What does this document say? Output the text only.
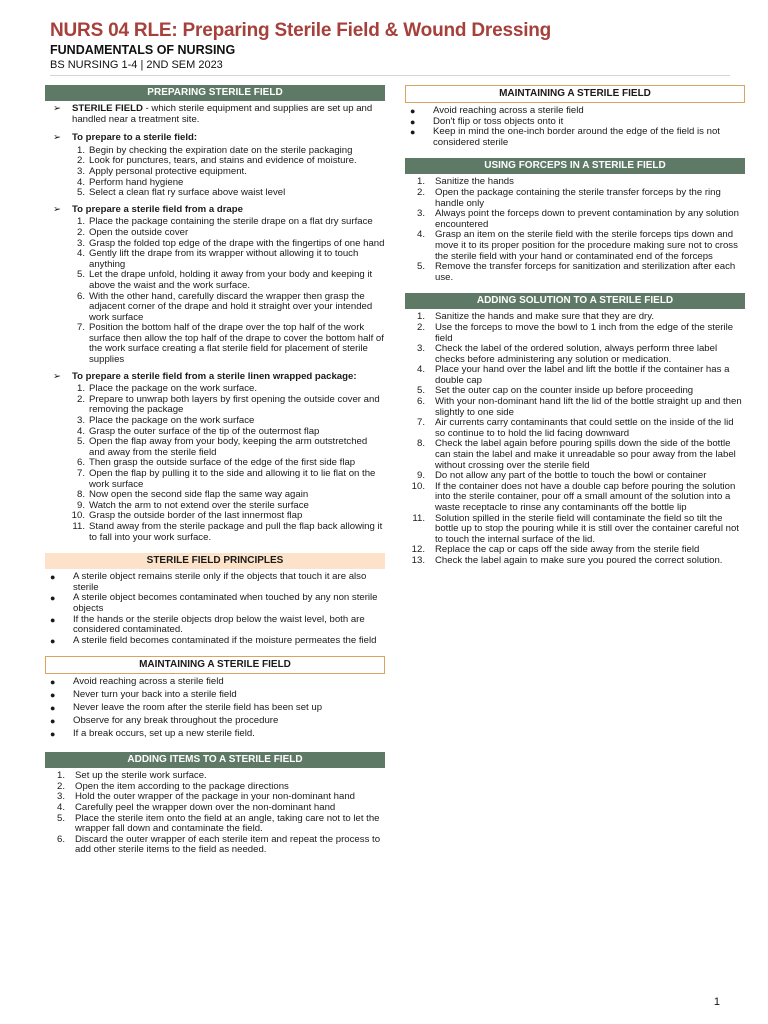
NURS 04 RLE: Preparing Sterile Field & Wound Dressing
FUNDAMENTALS OF NURSING
BS NURSING 1-4 | 2ND SEM 2023
PREPARING STERILE FIELD
➢ STERILE FIELD - which sterile equipment and supplies are set up and handled near a treatment site.
➢ To prepare to a sterile field:
1. Begin by checking the expiration date on the sterile packaging
2. Look for punctures, tears, and stains and evidence of moisture.
3. Apply personal protective equipment.
4. Perform hand hygiene
5. Select a clean flat ry surface above waist level
➢ To prepare a sterile field from a drape
1. Place the package containing the sterile drape on a flat dry surface
2. Open the outside cover
3. Grasp the folded top edge of the drape with the fingertips of one hand
4. Gently lift the drape from its wrapper without allowing it to touch anything
5. Let the drape unfold, holding it away from your body and keeping it above the waist and the work surface.
6. With the other hand, carefully discard the wrapper then grasp the adjacent corner of the drape and hold it straight over your intended work surface
7. Position the bottom half of the drape over the top half of the work surface then allow the top half of the drape to cover the bottom half of the work surface creating a flat sterile field for placement of sterile supplies
➢ To prepare a sterile field from a sterile linen wrapped package:
1. Place the package on the work surface.
2. Prepare to unwrap both layers by first opening the outside cover and removing the package
3. Place the package on the work surface
4. Grasp the outer surface of the tip of the outermost flap
5. Open the flap away from your body, keeping the arm outstretched and away from the sterile field
6. Then grasp the outside surface of the edge of the first side flap
7. Open the flap by pulling it to the side and allowing it to lie flat on the work surface
8. Now open the second side flap the same way again
9. Watch the arm to not extend over the sterile surface
10. Grasp the outside border of the last innermost flap
11. Stand away from the sterile package and pull the flap back allowing it to fall into your work surface.
STERILE FIELD PRINCIPLES
● A sterile object remains sterile only if the objects that touch it are also sterile
● A sterile object becomes contaminated when touched by any non sterile objects
● If the hands or the sterile objects drop below the waist level, both are considered contaminated.
● A sterile field becomes contaminated if the moisture permeates the field
MAINTAINING A STERILE FIELD
● Avoid reaching across a sterile field
● Never turn your back into a sterile field
● Never leave the room after the sterile field has been set up
● Observe for any break throughout the procedure
● If a break occurs, set up a new sterile field.
ADDING ITEMS TO A STERILE FIELD
1. Set up the sterile work surface.
2. Open the item according to the package directions
3. Hold the outer wrapper of the package in your non-dominant hand
4. Carefully peel the wrapper down over the non-dominant hand
5. Place the sterile item onto the field at an angle, taking care not to let the wrapper fall down and contaminate the field.
6. Discard the outer wrapper of each sterile item and repeat the process to add other sterile items to the field as needed.
MAINTAINING A STERILE FIELD
● Avoid reaching across a sterile field
● Don't flip or toss objects onto it
● Keep in mind the one-inch border around the edge of the field is not considered sterile
USING FORCEPS IN A STERILE FIELD
1. Sanitize the hands
2. Open the package containing the sterile transfer forceps by the ring handle only
3. Always point the forceps down to prevent contamination by any solution encountered
4. Grasp an item on the sterile field with the sterile forceps tips down and move it to its proper position for the procedure making sure not to cross the sterile field with your hand or contaminated end of the forceps
5. Remove the transfer forceps for sanitization and sterilization after each use.
ADDING SOLUTION TO A STERILE FIELD
1. Sanitize the hands and make sure that they are dry.
2. Use the forceps to move the bowl to 1 inch from the edge of the sterile field
3. Check the label of the ordered solution, always perform three label checks before administering any solution or medication.
4. Place your hand over the label and lift the bottle if the container has a double cap
5. Set the outer cap on the counter inside up before proceeding
6. With your non-dominant hand lift the lid of the bottle straight up and then slightly to one side
7. Air currents carry contaminants that could settle on the inside of the lid so continue to to hold the lid facing downward
8. Check the label again before pouring spills down the side of the bottle can stain the label and make it unreadable so pour away from the label without crossing over the sterile field
9. Do not allow any part of the bottle to touch the bowl or container
10. If the container does not have a double cap before pouring the solution into the sterile container, pour off a small amount of the solution into a waste receptacle to rinse any contaminants off the bottle lip
11. Solution spilled in the sterile field will contaminate the field so tilt the bottle up to stop the pouring while it is still over the container careful not to touch the internal surface of the lid.
12. Replace the cap or caps off the side away from the sterile field
13. Check the label again to make sure you poured the correct solution.
1
